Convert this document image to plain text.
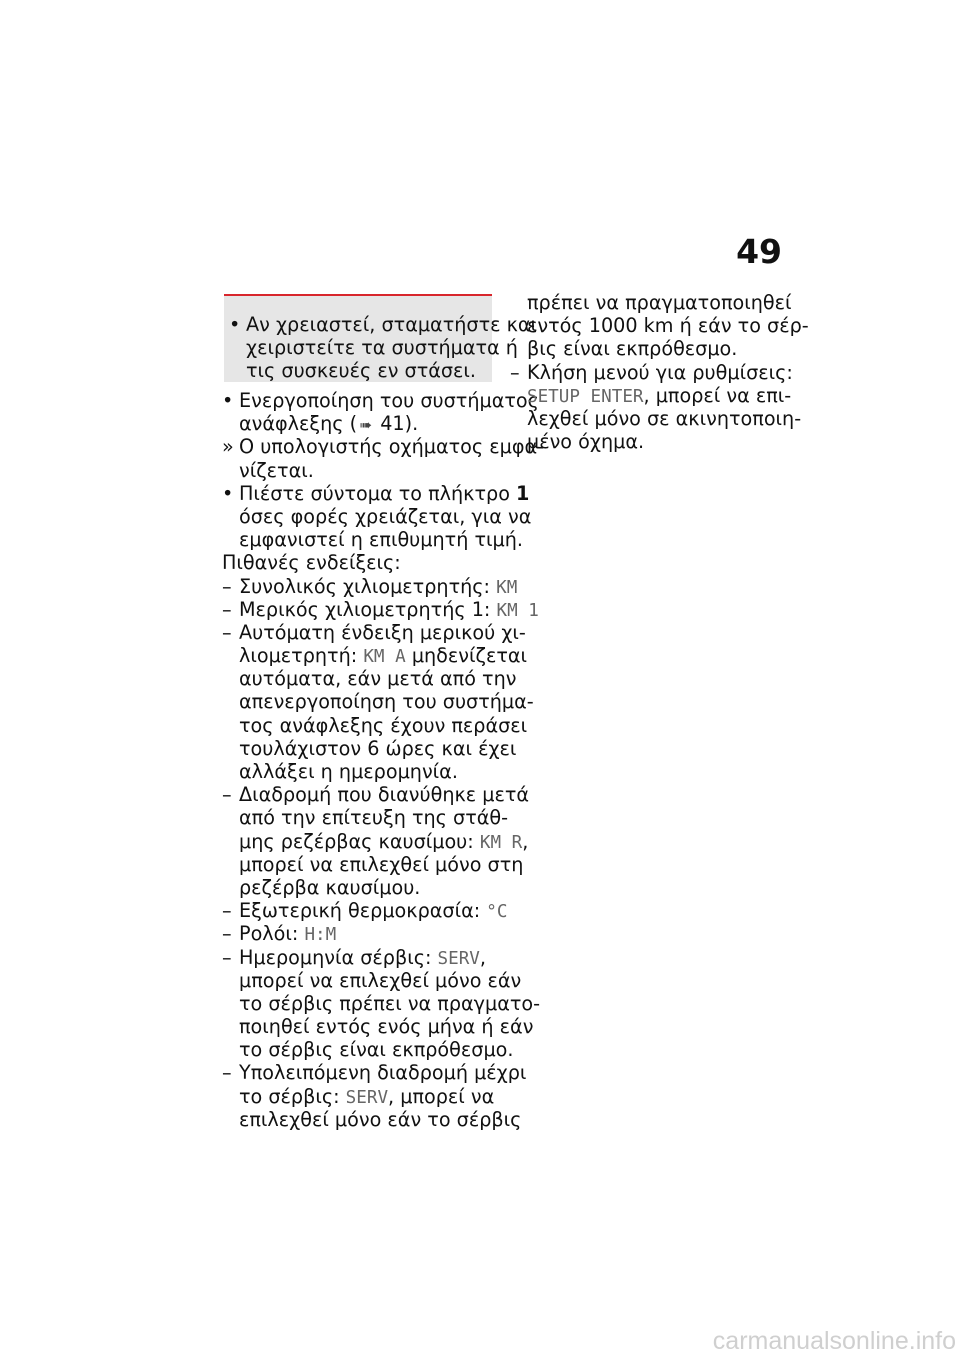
49
• Αν χρειαστεί, σταματήστε και
χειριστείτε τα συστήματα ή
τις συσκευές εν στάσει.
• Ενεργοποίηση του συστήματος
ανάφλεξης ( ➠ 41).
» Ο υπολογιστής οχήματος εμφα-
νίζεται.
• Πιέστε σύντομα το πλήκτρο 1
όσες φορές χρειάζεται, για να
εμφανιστεί η επιθυμητή τιμή.
Πιθανές ενδείξεις:
– Συνολικός χιλιομετρητής: KM
– Μερικός χιλιομετρητής 1: KM 1
– Αυτόματη ένδειξη μερικού χι-
λιομετρητή: KM A μηδενίζεται
αυτόματα, εάν μετά από την
απενεργοποίηση του συστήμα-
τος ανάφλεξης έχουν περάσει
τουλάχιστον 6 ώρες και έχει
αλλάξει η ημερομηνία.
– Διαδρομή που διανύθηκε μετά
από την επίτευξη της στάθ-
μης ρεζέρβας καυσίμου: KM R,
μπορεί να επιλεχθεί μόνο στη
ρεζέρβα καυσίμου.
– Εξωτερική θερμοκρασία: °C
– Ρολόι: H:M
– Ημερομηνία σέρβις: SERV,
μπορεί να επιλεχθεί μόνο εάν
το σέρβις πρέπει να πραγματο-
ποιηθεί εντός ενός μήνα ή εάν
το σέρβις είναι εκπρόθεσμο.
– Υπολειπόμενη διαδρομή μέχρι
το σέρβις: SERV, μπορεί να
επιλεχθεί μόνο εάν το σέρβις
πρέπει να πραγματοποιηθεί
εντός 1000 km ή εάν το σέρ-
βις είναι εκπρόθεσμο.
– Κλήση μενού για ρυθμίσεις:
SETUP ENTER, μπορεί να επι-
λεχθεί μόνο σε ακινητοποιη-
μένο όχημα.
carmanualsonline.info
